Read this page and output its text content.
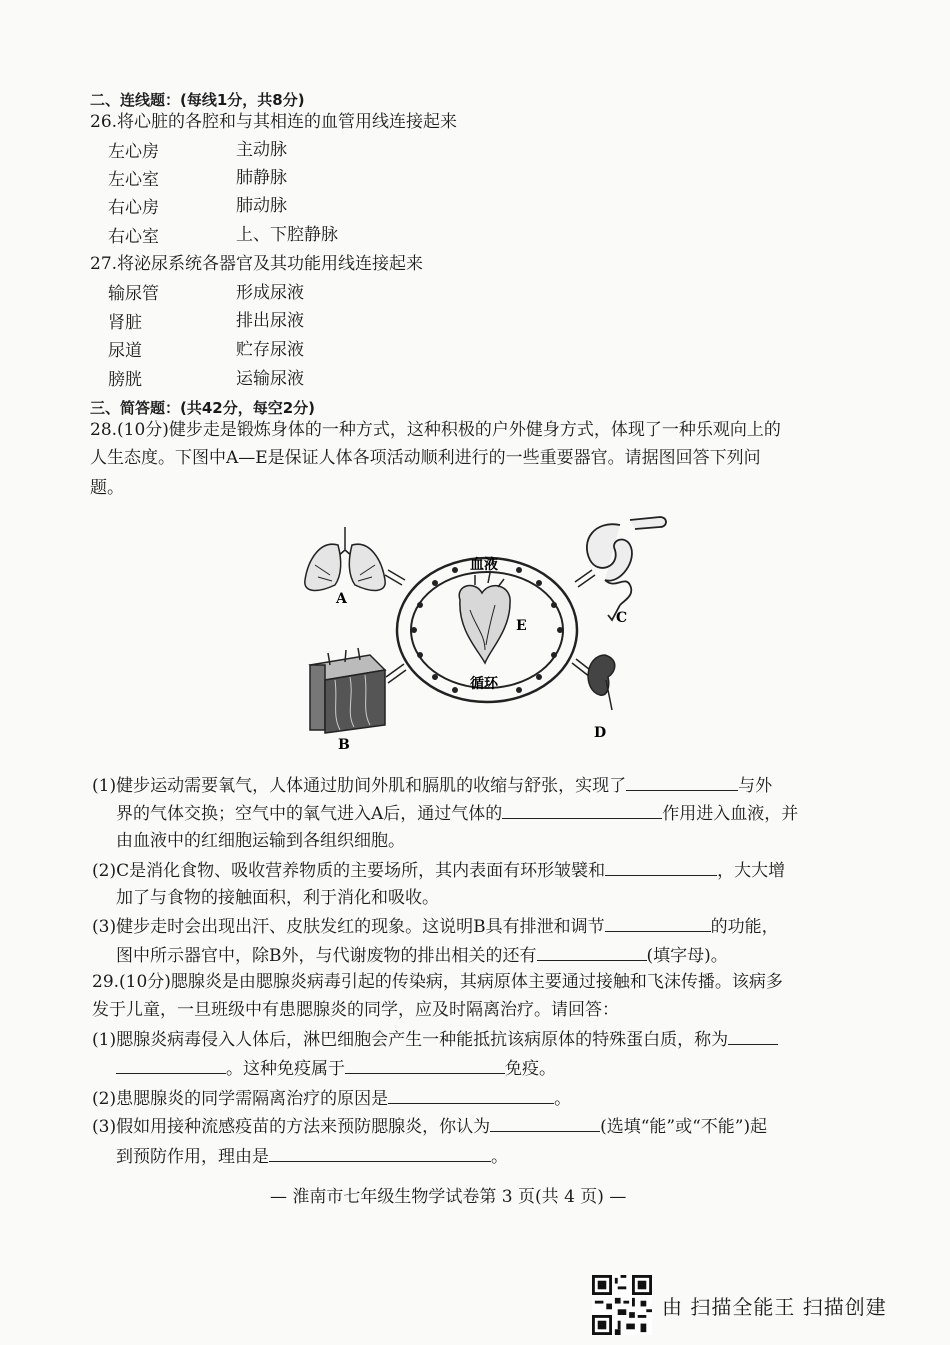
二、连线题：(每线1分，共8分)
26.将心脏的各腔和与其相连的血管用线连接起来
左心房	主动脉
左心室	肺静脉
右心房	肺动脉
右心室	上、下腔静脉
27.将泌尿系统各器官及其功能用线连接起来
输尿管	形成尿液
肾脏	排出尿液
尿道	贮存尿液
膀胱	运输尿液
三、简答题：(共42分，每空2分)
28.(10分)健步走是锻炼身体的一种方式，这种积极的户外健身方式，体现了一种乐观向上的
人生态度。下图中A—E是保证人体各项活动顺利进行的一些重要器官。请据图回答下列问
题。
A
B
血液
循环
E	C
D
(1)健步运动需要氧气，人体通过肋间外肌和膈肌的收缩与舒张，实现了	与外
界的气体交换；空气中的氧气进入A后，通过气体的	作用进入血液，并
由血液中的红细胞运输到各组织细胞。
(2)C是消化食物、吸收营养物质的主要场所，其内表面有环形皱襞和	，大大增
加了与食物的接触面积，利于消化和吸收。
(3)健步走时会出现出汗、皮肤发红的现象。这说明B具有排泄和调节	的功能，
图中所示器官中，除B外，与代谢废物的排出相关的还有	(填字母)。
29.(10分)腮腺炎是由腮腺炎病毒引起的传染病，其病原体主要通过接触和飞沫传播。该病多
发于儿童，一旦班级中有患腮腺炎的同学，应及时隔离治疗。请回答：
(1)腮腺炎病毒侵入人体后，淋巴细胞会产生一种能抵抗该病原体的特殊蛋白质，称为
。这种免疫属于	免疫。
(2)患腮腺炎的同学需隔离治疗的原因是	。
(3)假如用接种流感疫苗的方法来预防腮腺炎，你认为	(选填“能”或“不能”)起
到预防作用，理由是	。
— 淮南市七年级生物学试卷第 3 页(共 4 页) —
由 扫描全能王 扫描创建
